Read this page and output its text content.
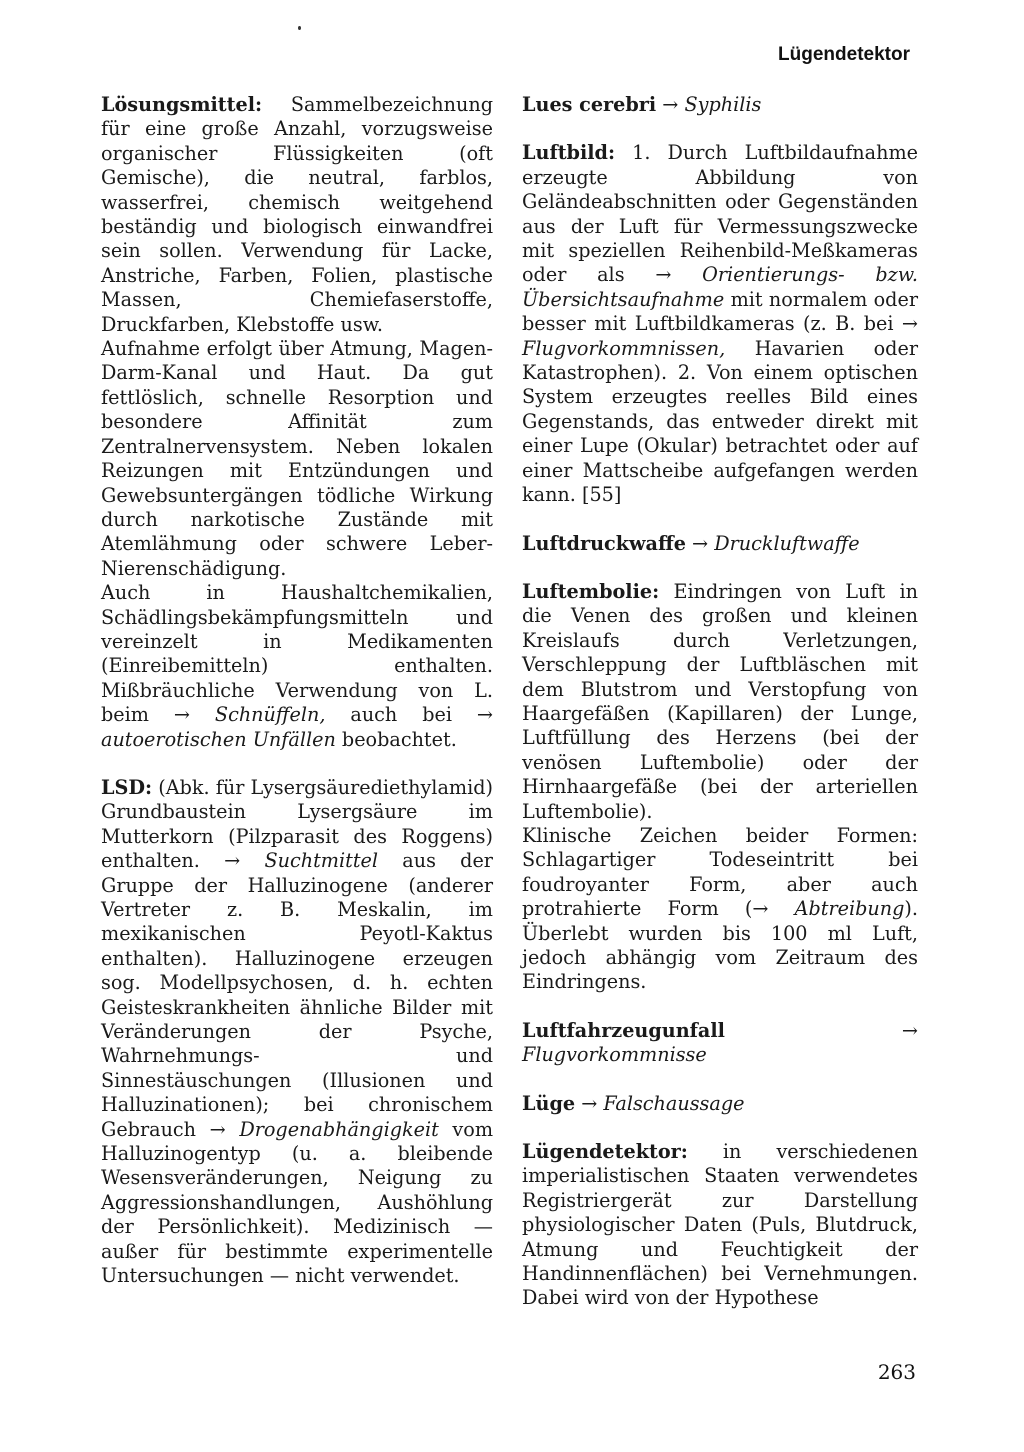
Lügendetektor

Lösungsmittel: Sammelbezeichnung für eine große Anzahl, vorzugsweise organischer Flüssigkeiten (oft Gemische), die neutral, farblos, wasserfrei, chemisch weitgehend beständig und biologisch einwandfrei sein sollen. Verwendung für Lacke, Anstriche, Farben, Folien, plastische Massen, Chemiefaserstoffe, Druckfarben, Klebstoffe usw.

Aufnahme erfolgt über Atmung, Magen-Darm-Kanal und Haut. Da gut fettlöslich, schnelle Resorption und besondere Affinität zum Zentralnervensystem. Neben lokalen Reizungen mit Entzündungen und Gewebsuntergängen tödliche Wirkung durch narkotische Zustände mit Atemlähmung oder schwere Leber-Nierenschädigung.

Auch in Haushaltchemikalien, Schädlingsbekämpfungsmitteln und vereinzelt in Medikamenten (Einreibemitteln) enthalten. Mißbräuchliche Verwendung von L. beim → Schnüffeln, auch bei → autoerotischen Unfällen beobachtet.

LSD: (Abk. für Lysergsäurediethylamid) Grundbaustein Lysergsäure im Mutterkorn (Pilzparasit des Roggens) enthalten. → Suchtmittel aus der Gruppe der Halluzinogene (anderer Vertreter z. B. Meskalin, im mexikanischen Peyotl-Kaktus enthalten). Halluzinogene erzeugen sog. Modellpsychosen, d. h. echten Geisteskrankheiten ähnliche Bilder mit Veränderungen der Psyche, Wahrnehmungs- und Sinnestäuschungen (Illusionen und Halluzinationen); bei chronischem Gebrauch → Drogenabhängigkeit vom Halluzinogentyp (u. a. bleibende Wesensveränderungen, Neigung zu Aggressionshandlungen, Aushöhlung der Persönlichkeit). Medizinisch — außer für bestimmte experimentelle Untersuchungen — nicht verwendet.

Lues cerebri → Syphilis

Luftbild: 1. Durch Luftbildaufnahme erzeugte Abbildung von Geländeabschnitten oder Gegenständen aus der Luft für Vermessungszwecke mit speziellen Reihenbild-Meßkameras oder als → Orientierungs- bzw. Übersichtsaufnahme mit normalem oder besser mit Luftbildkameras (z. B. bei → Flugvorkommnissen, Havarien oder Katastrophen). 2. Von einem optischen System erzeugtes reelles Bild eines Gegenstands, das entweder direkt mit einer Lupe (Okular) betrachtet oder auf einer Mattscheibe aufgefangen werden kann. [55]

Luftdruckwaffe → Druckluftwaffe

Luftembolie: Eindringen von Luft in die Venen des großen und kleinen Kreislaufs durch Verletzungen, Verschleppung der Luftbläschen mit dem Blutstrom und Verstopfung von Haargefäßen (Kapillaren) der Lunge, Luftfüllung des Herzens (bei der venösen Luftembolie) oder der Hirnhaargefäße (bei der arteriellen Luftembolie).

Klinische Zeichen beider Formen: Schlagartiger Todeseintritt bei foudroyanter Form, aber auch protrahierte Form (→ Abtreibung). Überlebt wurden bis 100 ml Luft, jedoch abhängig vom Zeitraum des Eindringens.

Luftfahrzeugunfall	→ Flugvorkommnisse

Lüge → Falschaussage

Lügendetektor: in verschiedenen imperialistischen Staaten verwendetes Registriergerät zur Darstellung physiologischer Daten (Puls, Blutdruck, Atmung und Feuchtigkeit der Handinnenflächen) bei Vernehmungen. Dabei wird von der Hypothese

263
